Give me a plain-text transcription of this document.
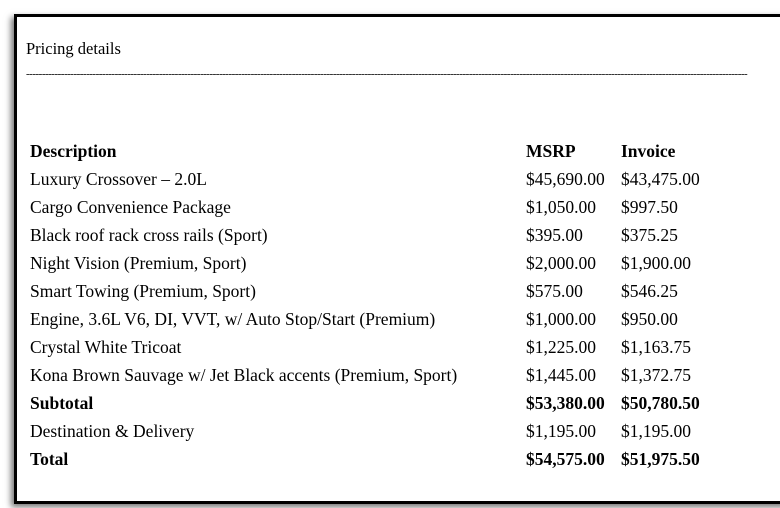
Pricing details
------------------------------------------------------------------------------------------------------------------------------------------------------------------------------------------------------------------------------------
Description	MSRP	Invoice
Luxury Crossover – 2.0L	$45,690.00	$43,475.00
Cargo Convenience Package	$1,050.00	$997.50
Black roof rack cross rails (Sport)	$395.00	$375.25
Night Vision (Premium, Sport)	$2,000.00	$1,900.00
Smart Towing (Premium, Sport)	$575.00	$546.25
Engine, 3.6L V6, DI, VVT, w/ Auto Stop/Start (Premium)	$1,000.00	$950.00
Crystal White Tricoat	$1,225.00	$1,163.75
Kona Brown Sauvage w/ Jet Black accents (Premium, Sport)	$1,445.00	$1,372.75
Subtotal	$53,380.00	$50,780.50
Destination & Delivery	$1,195.00	$1,195.00
Total	$54,575.00	$51,975.50
